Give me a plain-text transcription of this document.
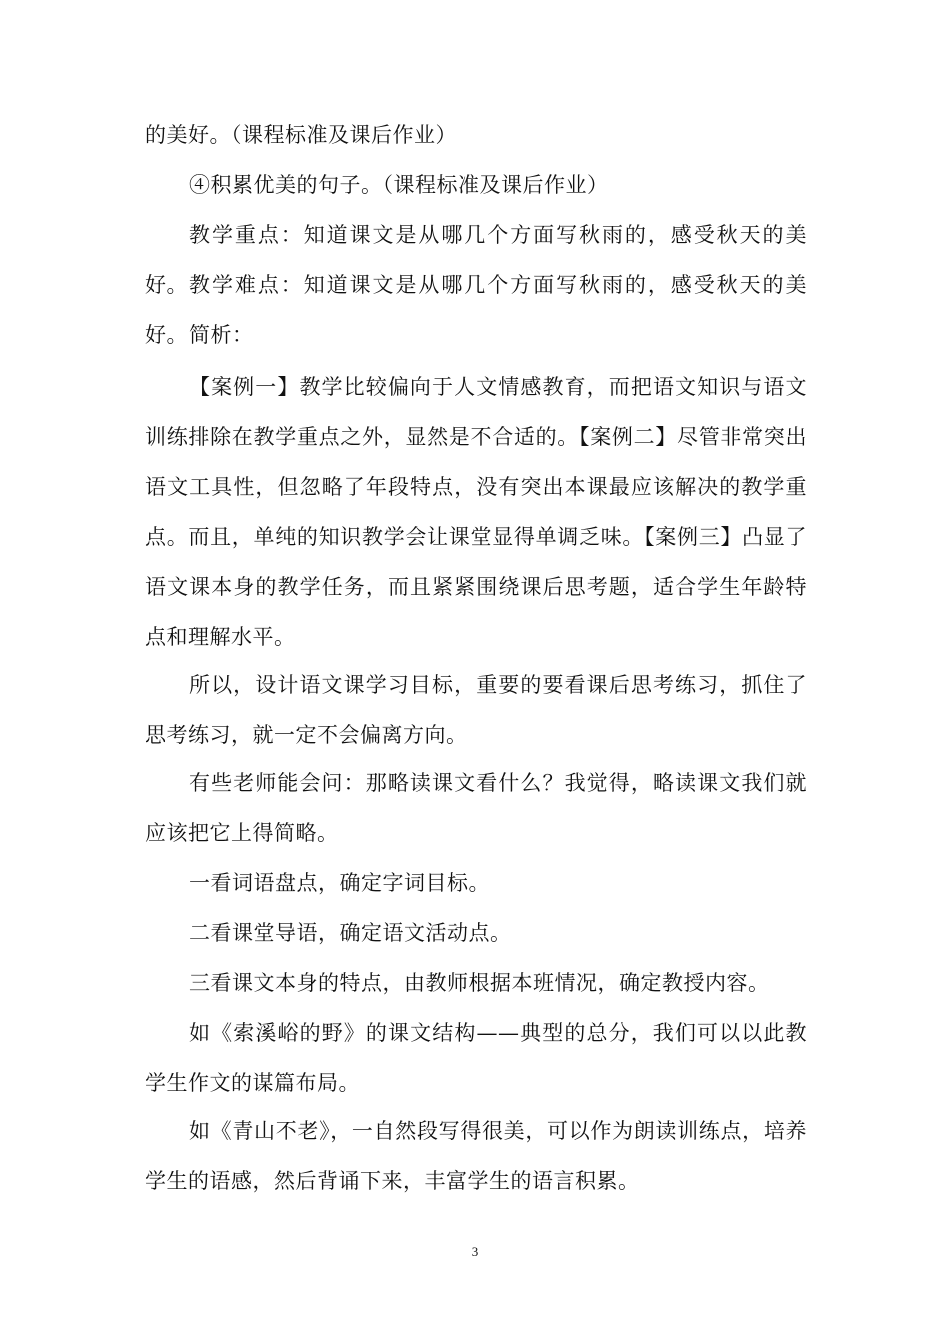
的美好。（课程标准及课后作业）

④积累优美的句子。（课程标准及课后作业）

教学重点：知道课文是从哪几个方面写秋雨的，感受秋天的美好。 教学难点：知道课文是从哪几个方面写秋雨的，感受秋天的美好。 简析：

【案例一】教学比较偏向于人文情感教育，而把语文知识与语文训练排除在教学重点之外，显然是不合适的。【案例二】尽管非常突出语文工具性，但忽略了年段特点，没有突出本课最应该解决的教学重点。而且，单纯的知识教学会让课堂显得单调乏味。【案例三】凸显了语文课本身的教学任务，而且紧紧围绕课后思考题，适合学生年龄特点和理解水平。

所以，设计语文课学习目标，重要的要看课后思考练习，抓住了思考练习，就一定不会偏离方向。

有些老师能会问：那略读课文看什么？我觉得，略读课文我们就应该把它上得简略。

一看词语盘点，确定字词目标。

二看课堂导语，确定语文活动点。

三看课文本身的特点，由教师根据本班情况，确定教授内容。

如《索溪峪的野》的课文结构——典型的总分，我们可以以此教学生作文的谋篇布局。

如《青山不老》，一自然段写得很美，可以作为朗读训练点，培养学生的语感，然后背诵下来，丰富学生的语言积累。

3
